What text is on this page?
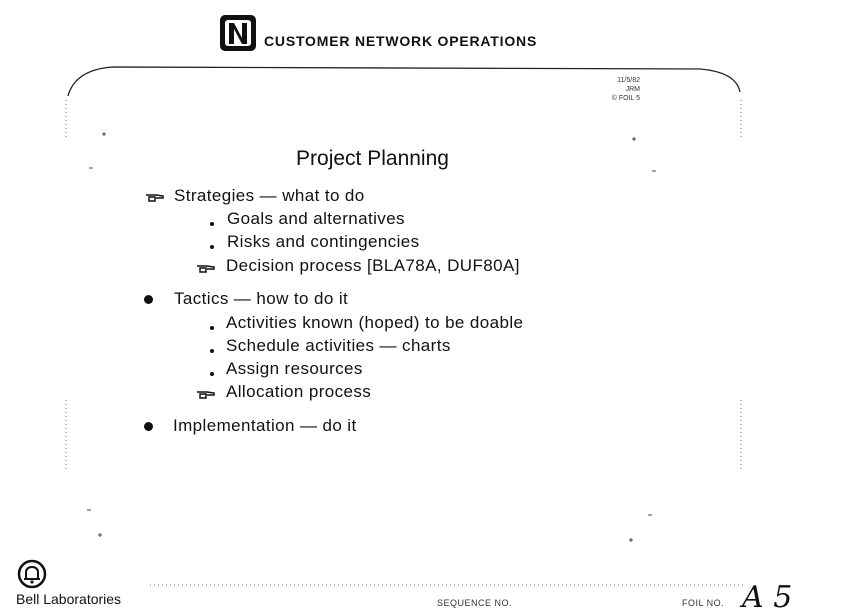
CUSTOMER NETWORK OPERATIONS
11/5/82
JRM
© FOIL 5
Project Planning
Strategies — what to do
Goals and alternatives
Risks and contingencies
Decision process [BLA78A, DUF80A]
Tactics — how to do it
Activities known (hoped) to be doable
Schedule activities — charts
Assign resources
Allocation process
Implementation — do it
Bell Laboratories	SEQUENCE NO.	FOIL NO. A 5
